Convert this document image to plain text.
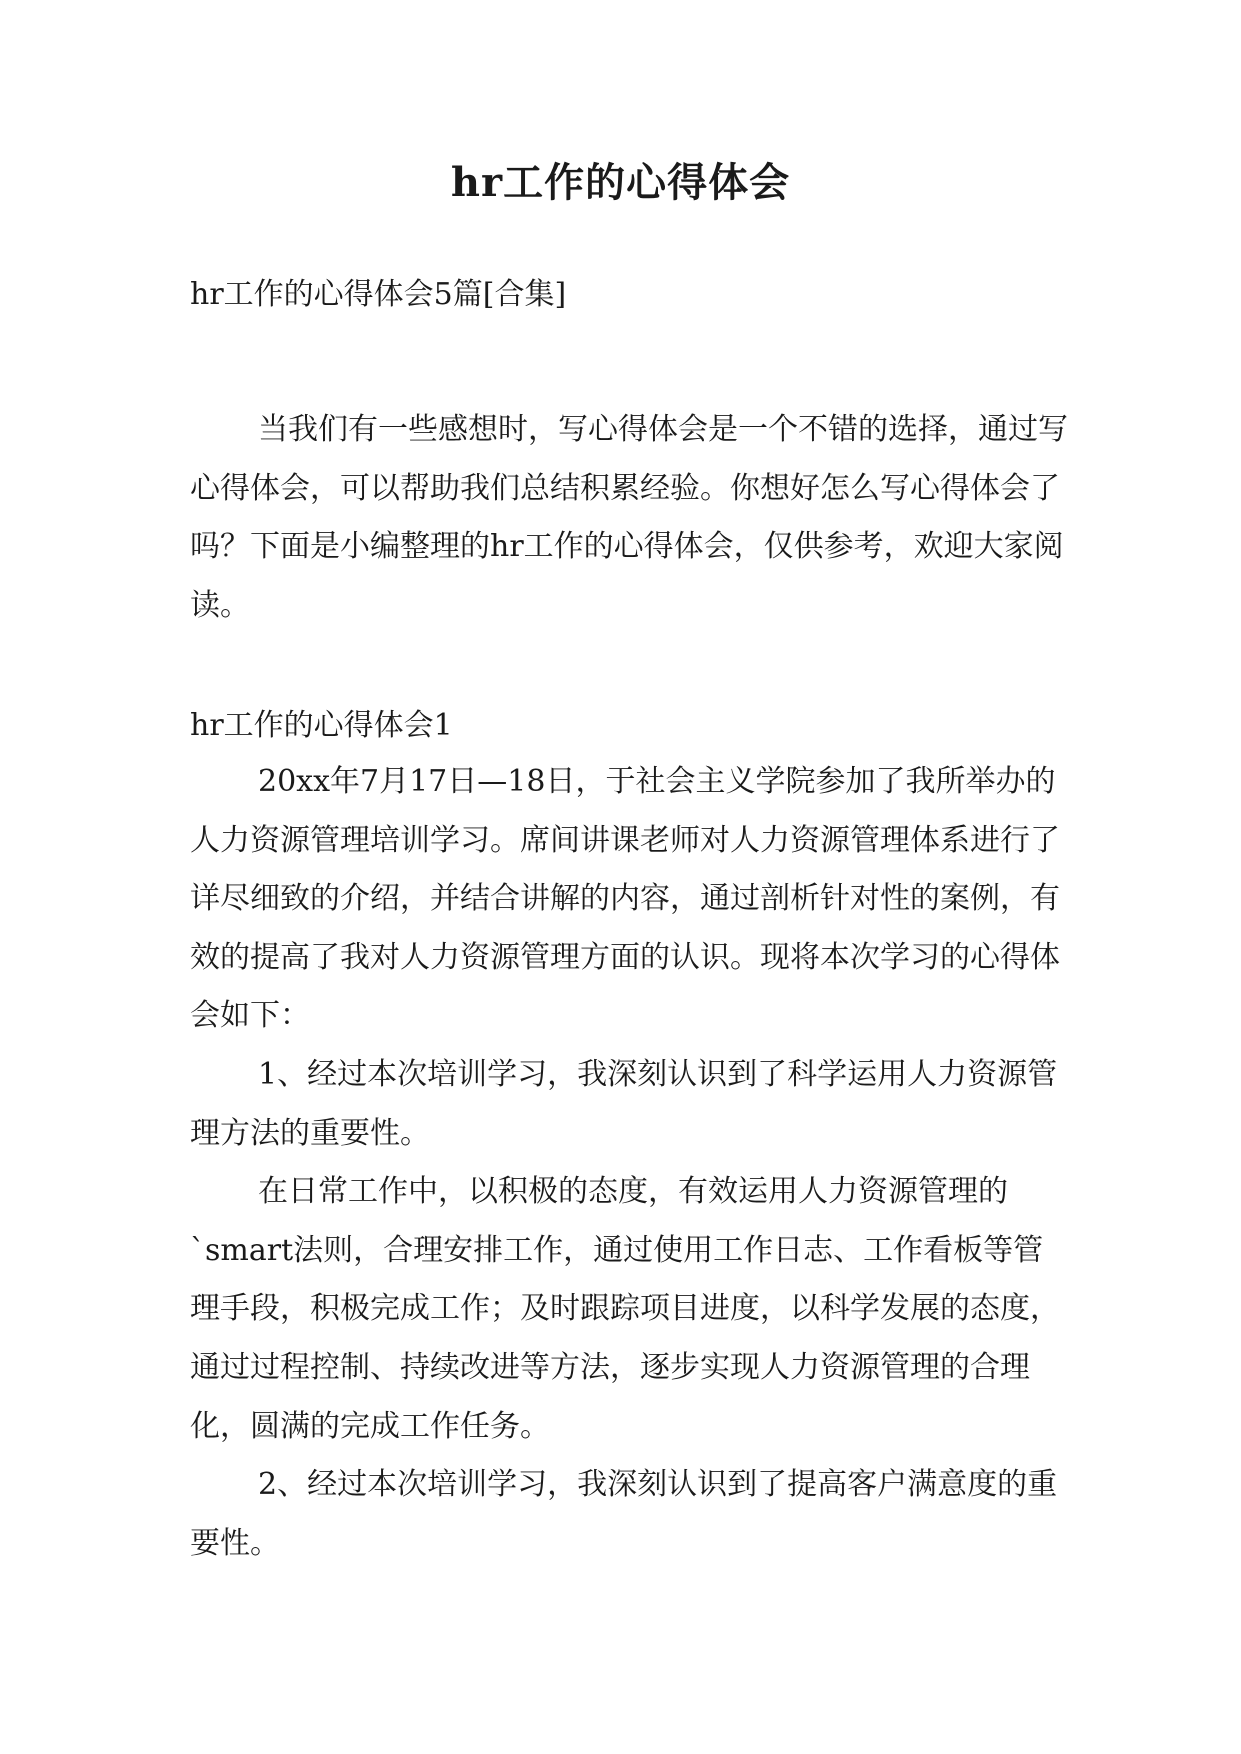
hr工作的心得体会

hr工作的心得体会5篇[合集]

当我们有一些感想时，写心得体会是一个不错的选择，通过写心得体会，可以帮助我们总结积累经验。你想好怎么写心得体会了吗？下面是小编整理的hr工作的心得体会，仅供参考，欢迎大家阅读。

hr工作的心得体会1

20xx年7月17日—18日，于社会主义学院参加了我所举办的人力资源管理培训学习。席间讲课老师对人力资源管理体系进行了详尽细致的介绍，并结合讲解的内容，通过剖析针对性的案例，有效的提高了我对人力资源管理方面的认识。现将本次学习的心得体会如下：

1、经过本次培训学习，我深刻认识到了科学运用人力资源管理方法的重要性。

在日常工作中，以积极的态度，有效运用人力资源管理的`smart法则，合理安排工作，通过使用工作日志、工作看板等管理手段，积极完成工作；及时跟踪项目进度，以科学发展的态度，通过过程控制、持续改进等方法，逐步实现人力资源管理的合理化，圆满的完成工作任务。

2、经过本次培训学习，我深刻认识到了提高客户满意度的重要性。
